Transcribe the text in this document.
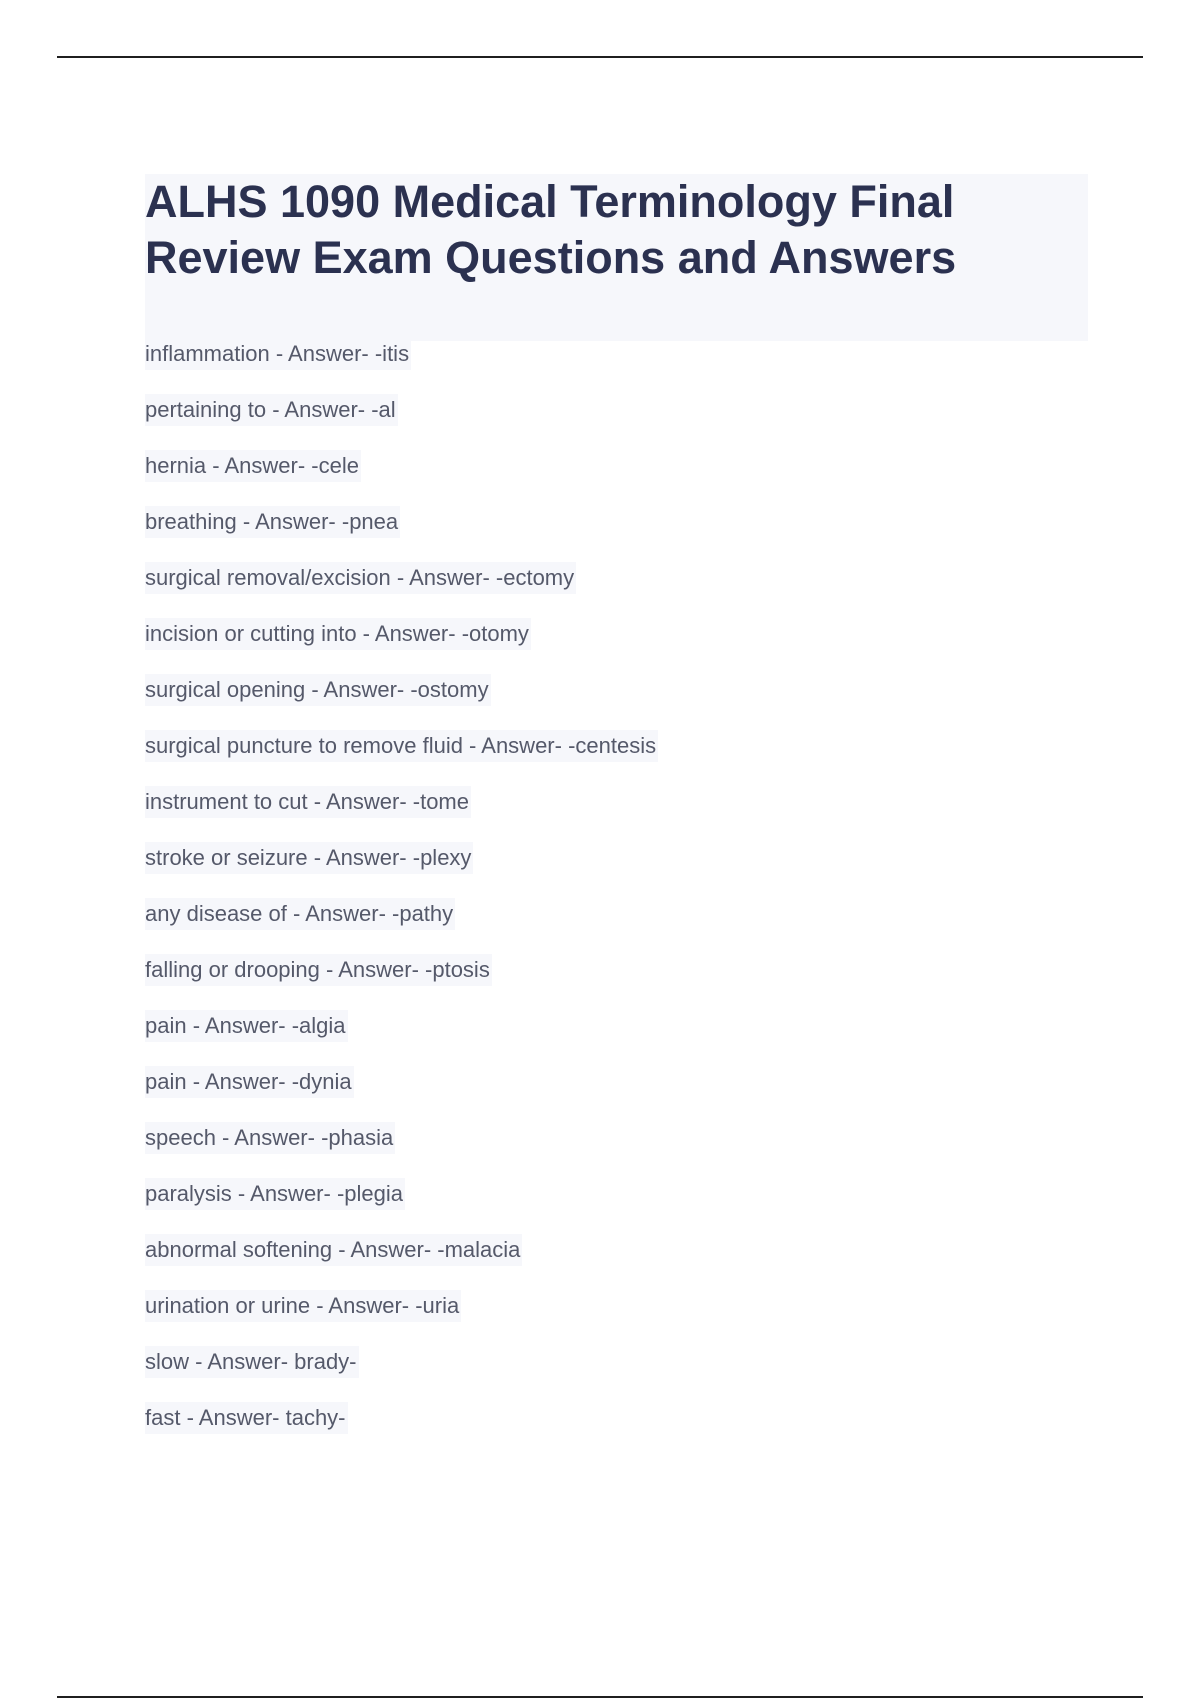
ALHS 1090 Medical Terminology Final Review Exam Questions and Answers
inflammation - Answer- -itis
pertaining to - Answer- -al
hernia - Answer- -cele
breathing - Answer- -pnea
surgical removal/excision - Answer- -ectomy
incision or cutting into - Answer- -otomy
surgical opening - Answer- -ostomy
surgical puncture to remove fluid - Answer- -centesis
instrument to cut - Answer- -tome
stroke or seizure - Answer- -plexy
any disease of - Answer- -pathy
falling or drooping - Answer- -ptosis
pain - Answer- -algia
pain - Answer- -dynia
speech - Answer- -phasia
paralysis - Answer- -plegia
abnormal softening - Answer- -malacia
urination or urine - Answer- -uria
slow - Answer- brady-
fast - Answer- tachy-
